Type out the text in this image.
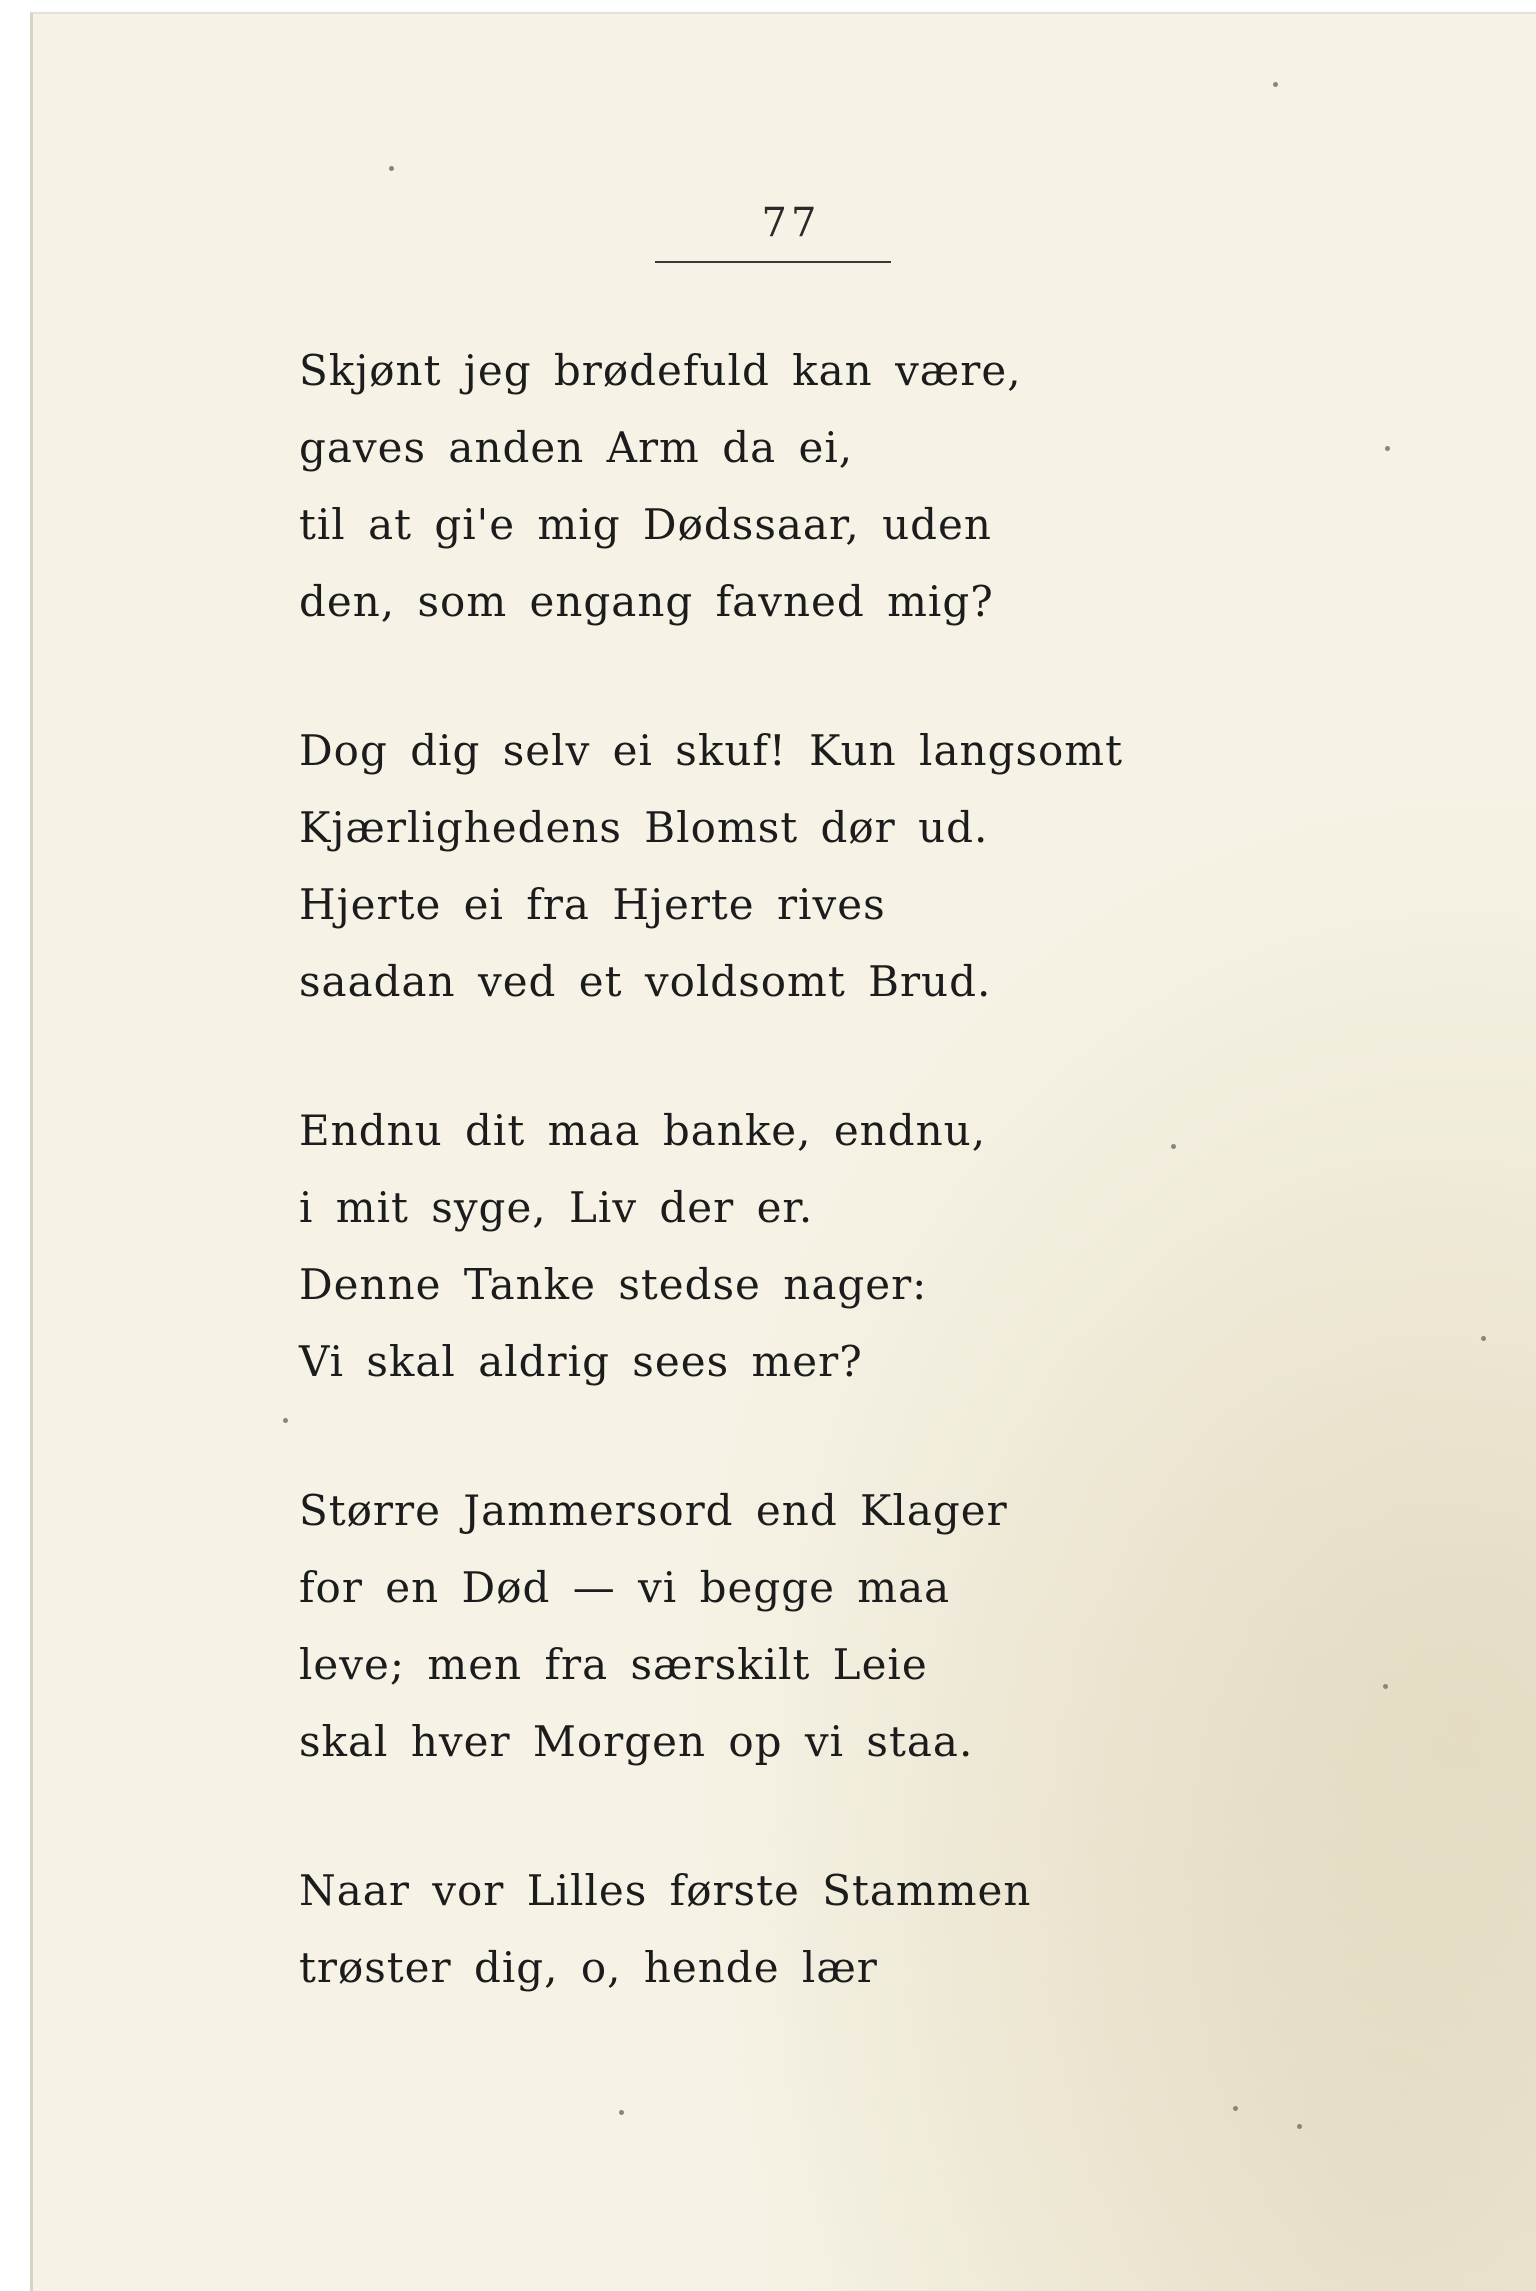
77
Skjønt jeg brødefuld kan være,
gaves anden Arm da ei,
til at gi'e mig Dødssaar, uden
den, som engang favned mig?
Dog dig selv ei skuf! Kun langsomt
Kjærlighedens Blomst dør ud.
Hjerte ei fra Hjerte rives
saadan ved et voldsomt Brud.
Endnu dit maa banke, endnu,
i mit syge, Liv der er.
Denne Tanke stedse nager:
Vi skal aldrig sees mer?
Større Jammersord end Klager
for en Død — vi begge maa
leve; men fra særskilt Leie
skal hver Morgen op vi staa.
Naar vor Lilles første Stammen
trøster dig, o, hende lær
